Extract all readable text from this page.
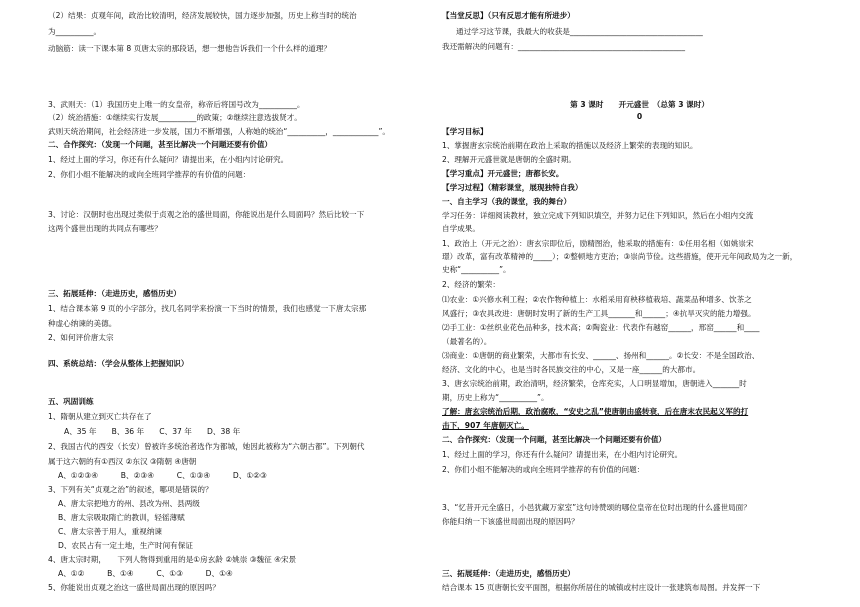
（2）结果：贞观年间，政治比较清明，经济发展较快，国力逐步加强，历史上称当时的统治
为__________。
动脑筋：读一下课本第 8 页唐太宗的那段话，想一想他告诉我们一个什么样的道理？
3、武则天：（1）我国历史上唯一的女皇帝，称帝后将国号改为__________。
（2）统治措施：①继续实行发展__________的政策；②继续注意选拔贤才。
武则天统治期间，社会经济进一步发展，国力不断增强，人称她的统治“__________，____________”。
二、合作探究：（发现一个问题，甚至比解决一个问题还要有价值）
1、经过上面的学习，你还有什么疑问？请提出来，在小组内讨论研究。
2、你们小组不能解决的或向全班同学推荐的有价值的问题：
3、讨论：汉朝时也出现过类似于贞观之治的盛世局面，你能说出是什么局面吗？然后比较一下
这两个盛世出现的共同点有哪些？
三、拓展延伸：（走进历史，感悟历史）
1、结合课本第 9 页的小字部分，找几名同学来扮演一下当时的情景，我们也感觉一下唐太宗那
种虚心纳谏的美德。
2、如何评价唐太宗
四、系统总结：（学会从整体上把握知识）
五、巩固训练
1、隋朝从建立到灭亡共存在了
A、35 年　　B、36 年　　C、37 年　　D、38 年
2、我国古代的西安（长安）曾被许多统治者选作为都城，她因此被称为“六朝古都”。下列朝代
属于这六朝的有①西汉 ②东汉 ③隋朝 ④唐朝
A、①②③④　　　B、②③④　　　C、①③④　　　D、①②③
3、下列有关“贞观之治”的叙述，哪项是错误的？
A、唐太宗把地方的州、县改为州、县两级
B、唐太宗吸取隋亡的教训，轻徭薄赋
C、唐太宗善于用人，重视纳谏
D、农民占有一定土地，生产时间有保证
4、唐太宗时期，　　下列人物得到重用的是①房玄龄 ②姚崇 ③魏征 ④宋景
A、①②　　　B、①④　　　C、①③　　　D、①④
5、你能说出贞观之治这一盛世局面出现的原因吗？
【当堂反思】（只有反思才能有所进步）
通过学习这节课，我最大的收获是___________________________________
我还需解决的问题有：____________________________________________
第 3 课时　　开元盛世　（总第 3 课时）
0
【学习目标】
1、掌握唐玄宗统治前期在政治上采取的措施以及经济上繁荣的表现的知识。
2、理解开元盛世就是唐朝的全盛时期。
【学习重点】开元盛世；唐都长安。
【学习过程】（精彩课堂，展现独特自我）
一、自主学习（我的课堂，我的舞台）
学习任务：详细阅读教材，独立完成下列知识填空，并努力记住下列知识，然后在小组内交流
自学成果。
1、政治上（开元之治）：唐玄宗即位后，励精图治，他采取的措施有：①任用名相（如姚崇宋
璟）改革，富有改革精神的_____）；②整顿地方吏治；③崇尚节俭。这些措施，使开元年间政局为之一新，
史称“__________”。
2、经济的繁荣：
⑴农业：①兴修水利工程；②农作物种植上：水稻采用育秧移植栽培、蔬菜品种增多、饮茶之
风盛行；③农具改进：唐朝时发明了新的生产工具_______和______；④抗旱灭灾的能力增强。
⑵手工业：①丝织业花色品种多，技术高；②陶瓷业：代表作有越窑______，邢窑______和____
（最著名的）。
⑶商业：①唐朝的商业繁荣，大都市有长安、______、扬州和______。②长安：不是全国政治、
经济、文化的中心，也是当时各民族交往的中心，又是一座______的大都市。
3、唐玄宗统治前期，政治清明，经济繁荣，仓库充实，人口明显增加，唐朝进入_______时
期，历史上称为“__________”。
了解：唐玄宗统治后期，政治腐败，“安史之乱”使唐朝由盛转衰，后在唐末农民起义军的打
击下，907 年唐朝灭亡。
二、合作探究：（发现一个问题，甚至比解决一个问题还要有价值）
1、经过上面的学习，你还有什么疑问？请提出来，在小组内讨论研究。
2、你们小组不能解决的或向全班同学推荐的有价值的问题：
3、“忆昔开元全盛日，小邑犹藏万家室”这句诗赞颂的哪位皇帝在位时出现的什么盛世局面？
你能归纳一下该盛世局面出现的原因吗？
三、拓展延伸：（走进历史，感悟历史）
结合课本 15 页唐朝长安平面图，根据你所居住的城镇或村庄设计一张建筑布局图。并发挥一下
